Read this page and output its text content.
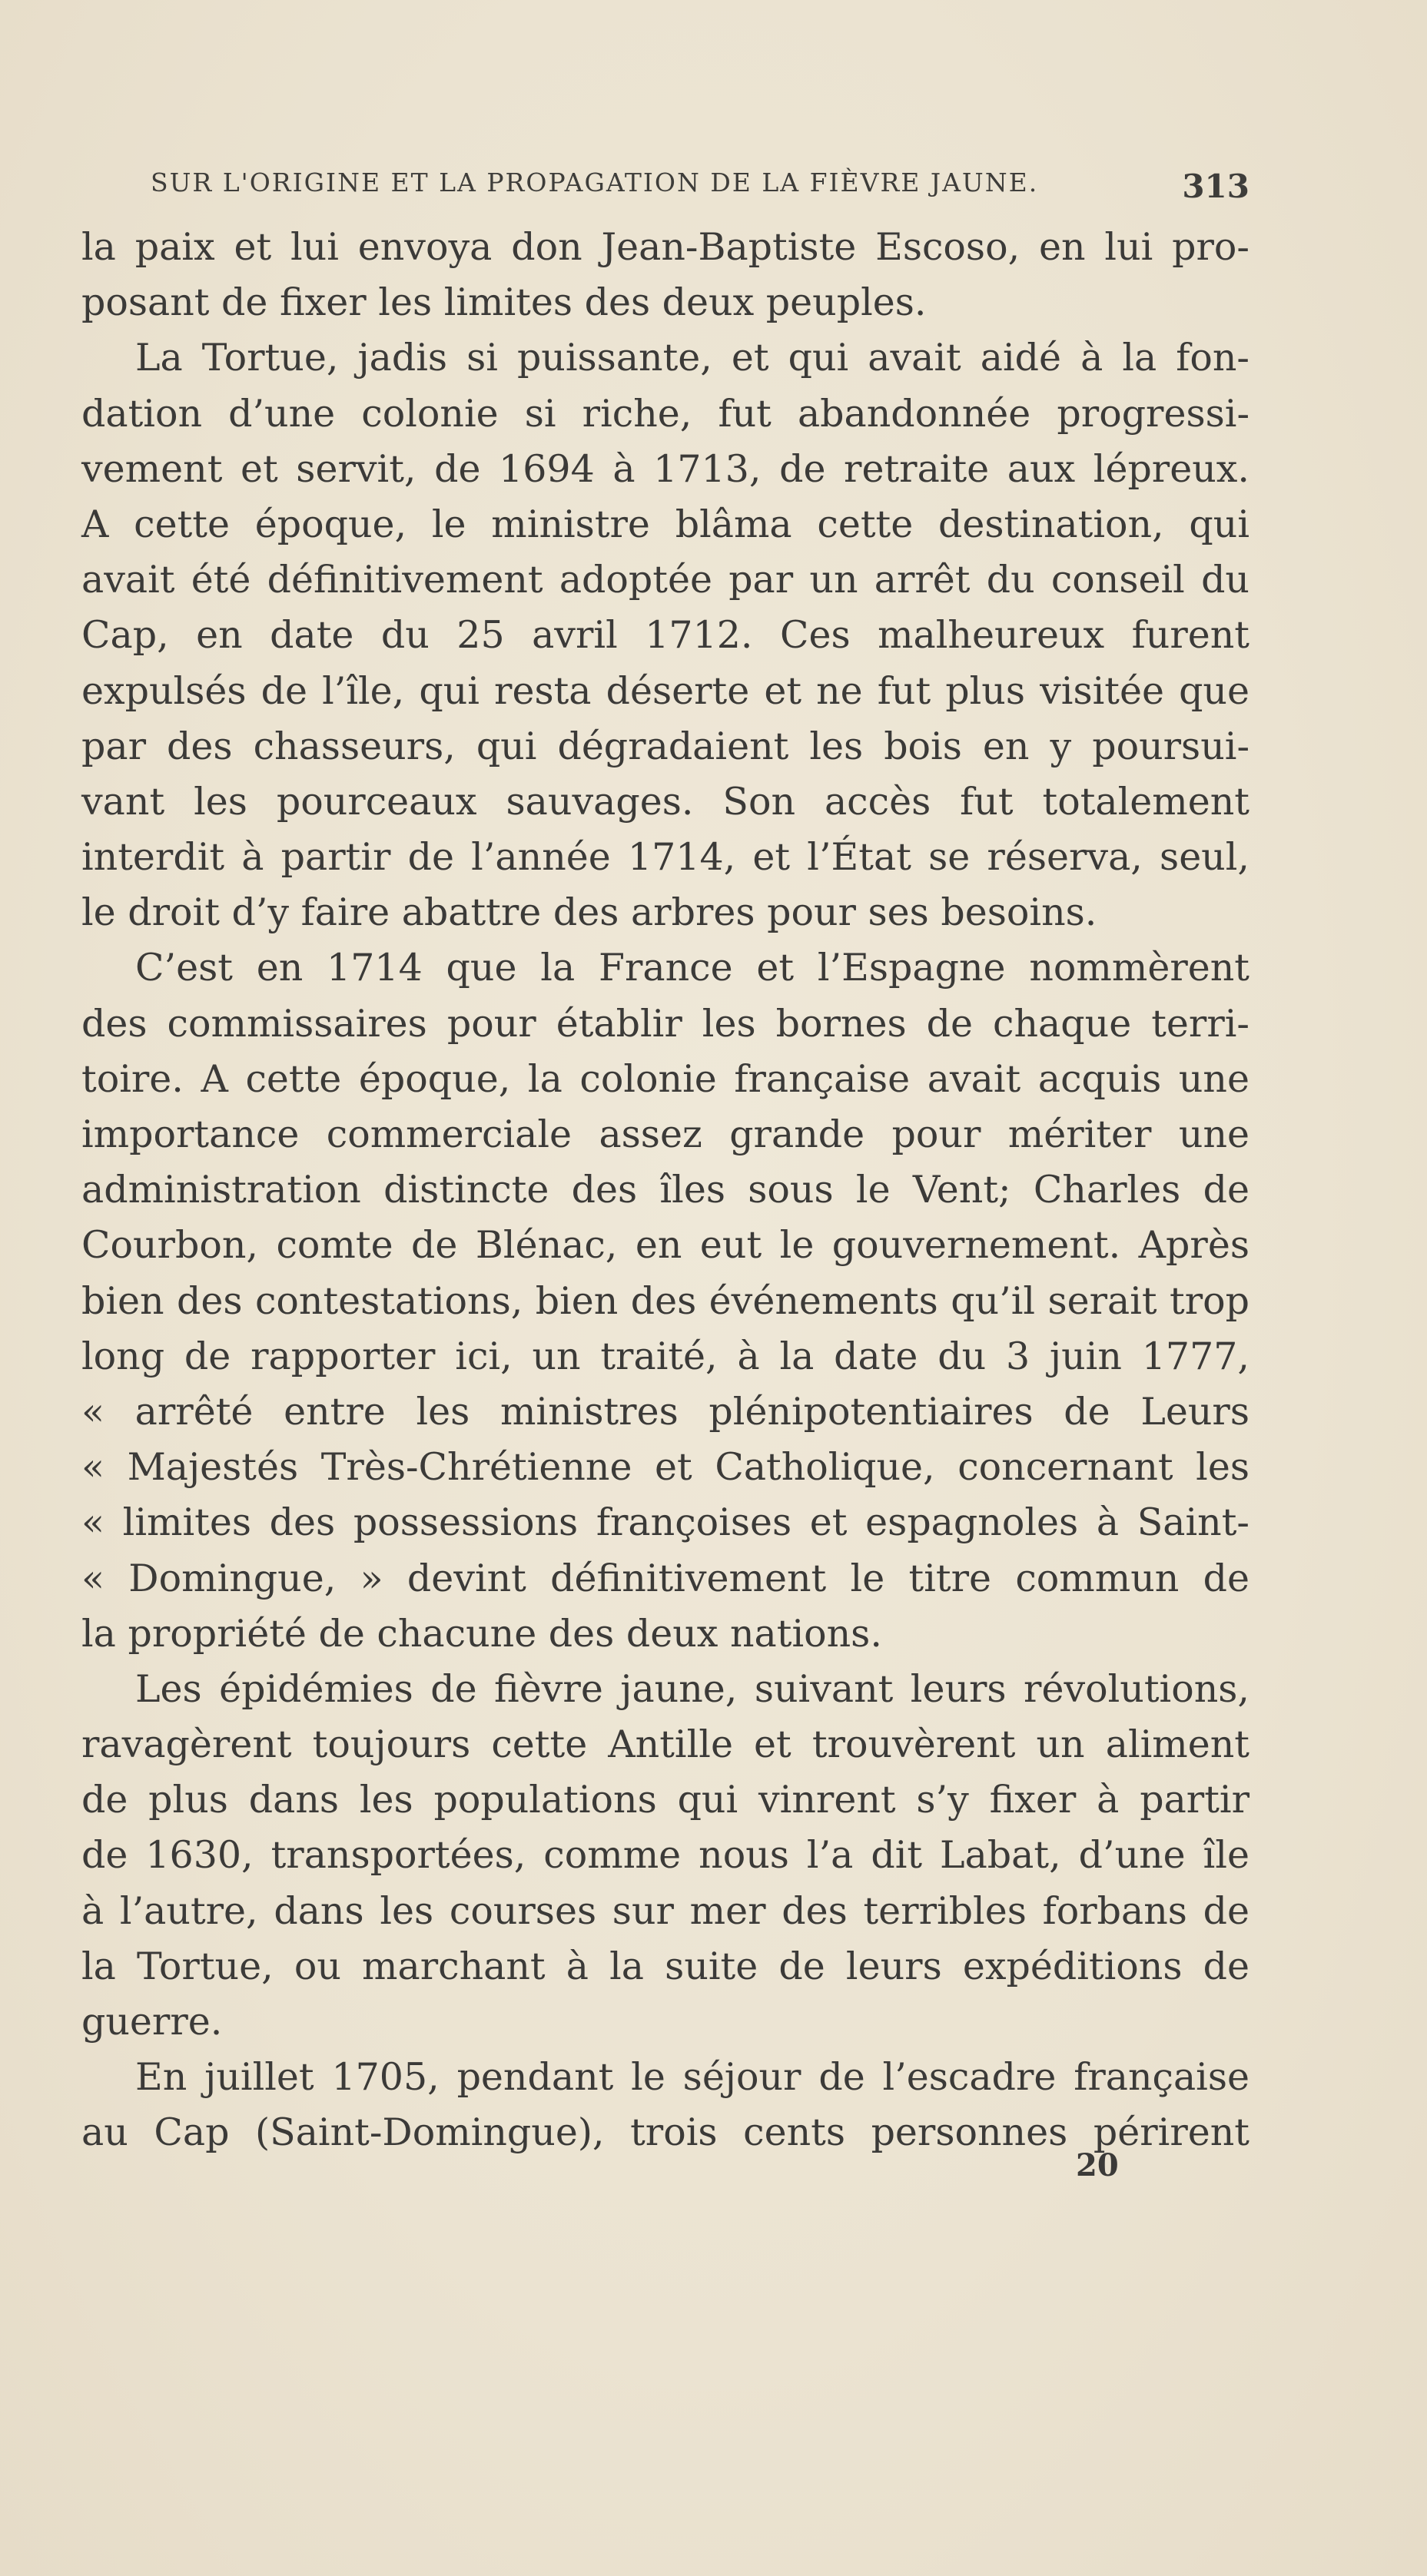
SUR L'ORIGINE ET LA PROPAGATION DE LA FIÈVRE JAUNE.	313
la paix et lui envoya don Jean-Baptiste Escoso, en lui pro-
posant de fixer les limites des deux peuples.
La Tortue, jadis si puissante, et qui avait aidé à la fon-
dation d’une colonie si riche, fut abandonnée progressi-
vement et servit, de 1694 à 1713, de retraite aux lépreux.
A cette époque, le ministre blâma cette destination, qui
avait été définitivement adoptée par un arrêt du conseil du
Cap, en date du 25 avril 1712. Ces malheureux furent
expulsés de l’île, qui resta déserte et ne fut plus visitée que
par des chasseurs, qui dégradaient les bois en y poursui-
vant les pourceaux sauvages. Son accès fut totalement
interdit à partir de l’année 1714, et l’État se réserva, seul,
le droit d’y faire abattre des arbres pour ses besoins.
C’est en 1714 que la France et l’Espagne nommèrent
des commissaires pour établir les bornes de chaque terri-
toire. A cette époque, la colonie française avait acquis une
importance commerciale assez grande pour mériter une
administration distincte des îles sous le Vent; Charles de
Courbon, comte de Blénac, en eut le gouvernement. Après
bien des contestations, bien des événements qu’il serait trop
long de rapporter ici, un traité, à la date du 3 juin 1777,
« arrêté entre les ministres plénipotentiaires de Leurs
« Majestés Très-Chrétienne et Catholique, concernant les
« limites des possessions françoises et espagnoles à Saint-
« Domingue, » devint définitivement le titre commun de
la propriété de chacune des deux nations.
Les épidémies de fièvre jaune, suivant leurs révolutions,
ravagèrent toujours cette Antille et trouvèrent un aliment
de plus dans les populations qui vinrent s’y fixer à partir
de 1630, transportées, comme nous l’a dit Labat, d’une île
à l’autre, dans les courses sur mer des terribles forbans de
la Tortue, ou marchant à la suite de leurs expéditions de
guerre.
En juillet 1705, pendant le séjour de l’escadre française
au Cap (Saint-Domingue), trois cents personnes périrent
20
